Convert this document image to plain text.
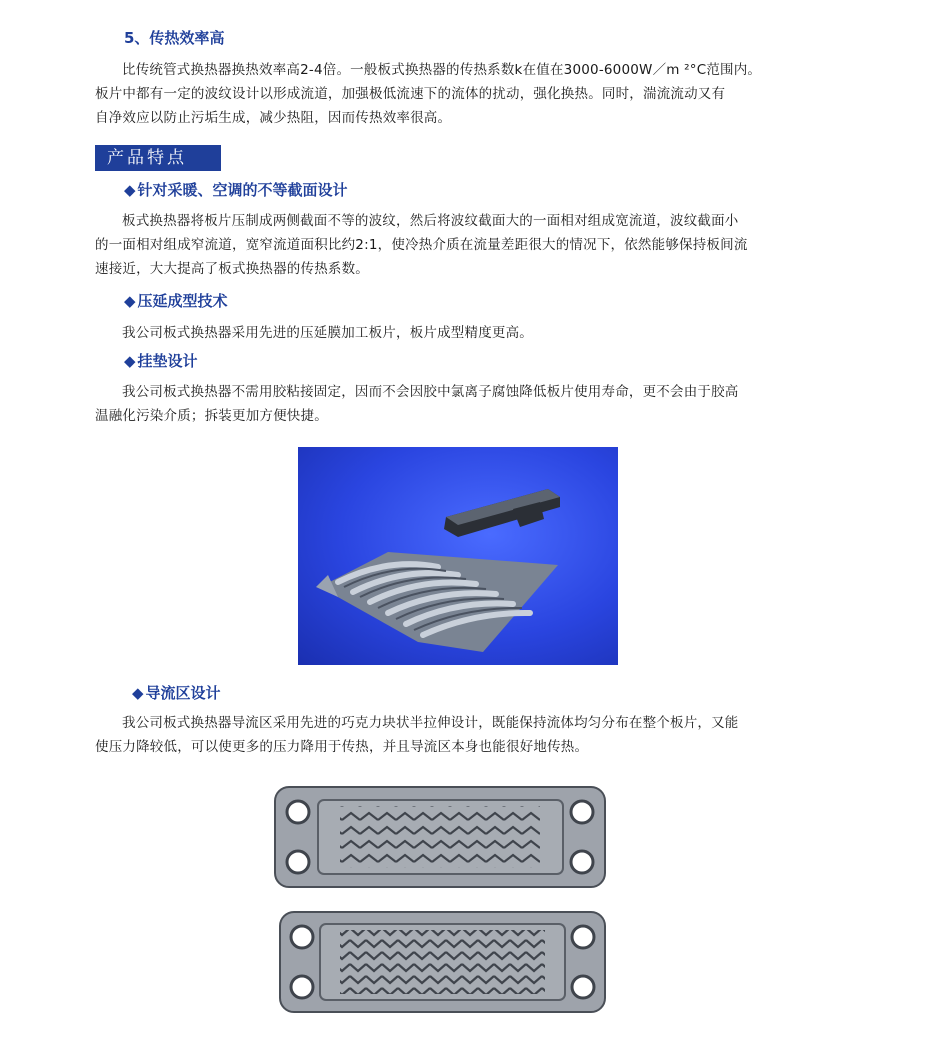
5、传热效率高
比传统管式换热器换热效率高2-4倍。一般板式换热器的传热系数k在值在3000-6000W／m ²°C范围内。
板片中都有一定的波纹设计以形成流道，加强极低流速下的流体的扰动，强化换热。同时，湍流流动又有
自净效应以防止污垢生成，减少热阻，因而传热效率很高。
产品特点
◆ 针对采暖、空调的不等截面设计
板式换热器将板片压制成两侧截面不等的波纹，然后将波纹截面大的一面相对组成宽流道，波纹截面小
的一面相对组成窄流道，宽窄流道面积比约2:1，使冷热介质在流量差距很大的情况下，依然能够保持板间流
速接近，大大提高了板式换热器的传热系数。
◆ 压延成型技术
我公司板式换热器采用先进的压延膜加工板片，板片成型精度更高。
◆ 挂垫设计
我公司板式换热器不需用胶粘接固定，因而不会因胶中氯离子腐蚀降低板片使用寿命，更不会由于胶高
温融化污染介质；拆装更加方便快捷。
◆ 导流区设计
我公司板式换热器导流区采用先进的巧克力块状半拉伸设计，既能保持流体均匀分布在整个板片，又能
使压力降较低，可以使更多的压力降用于传热，并且导流区本身也能很好地传热。
